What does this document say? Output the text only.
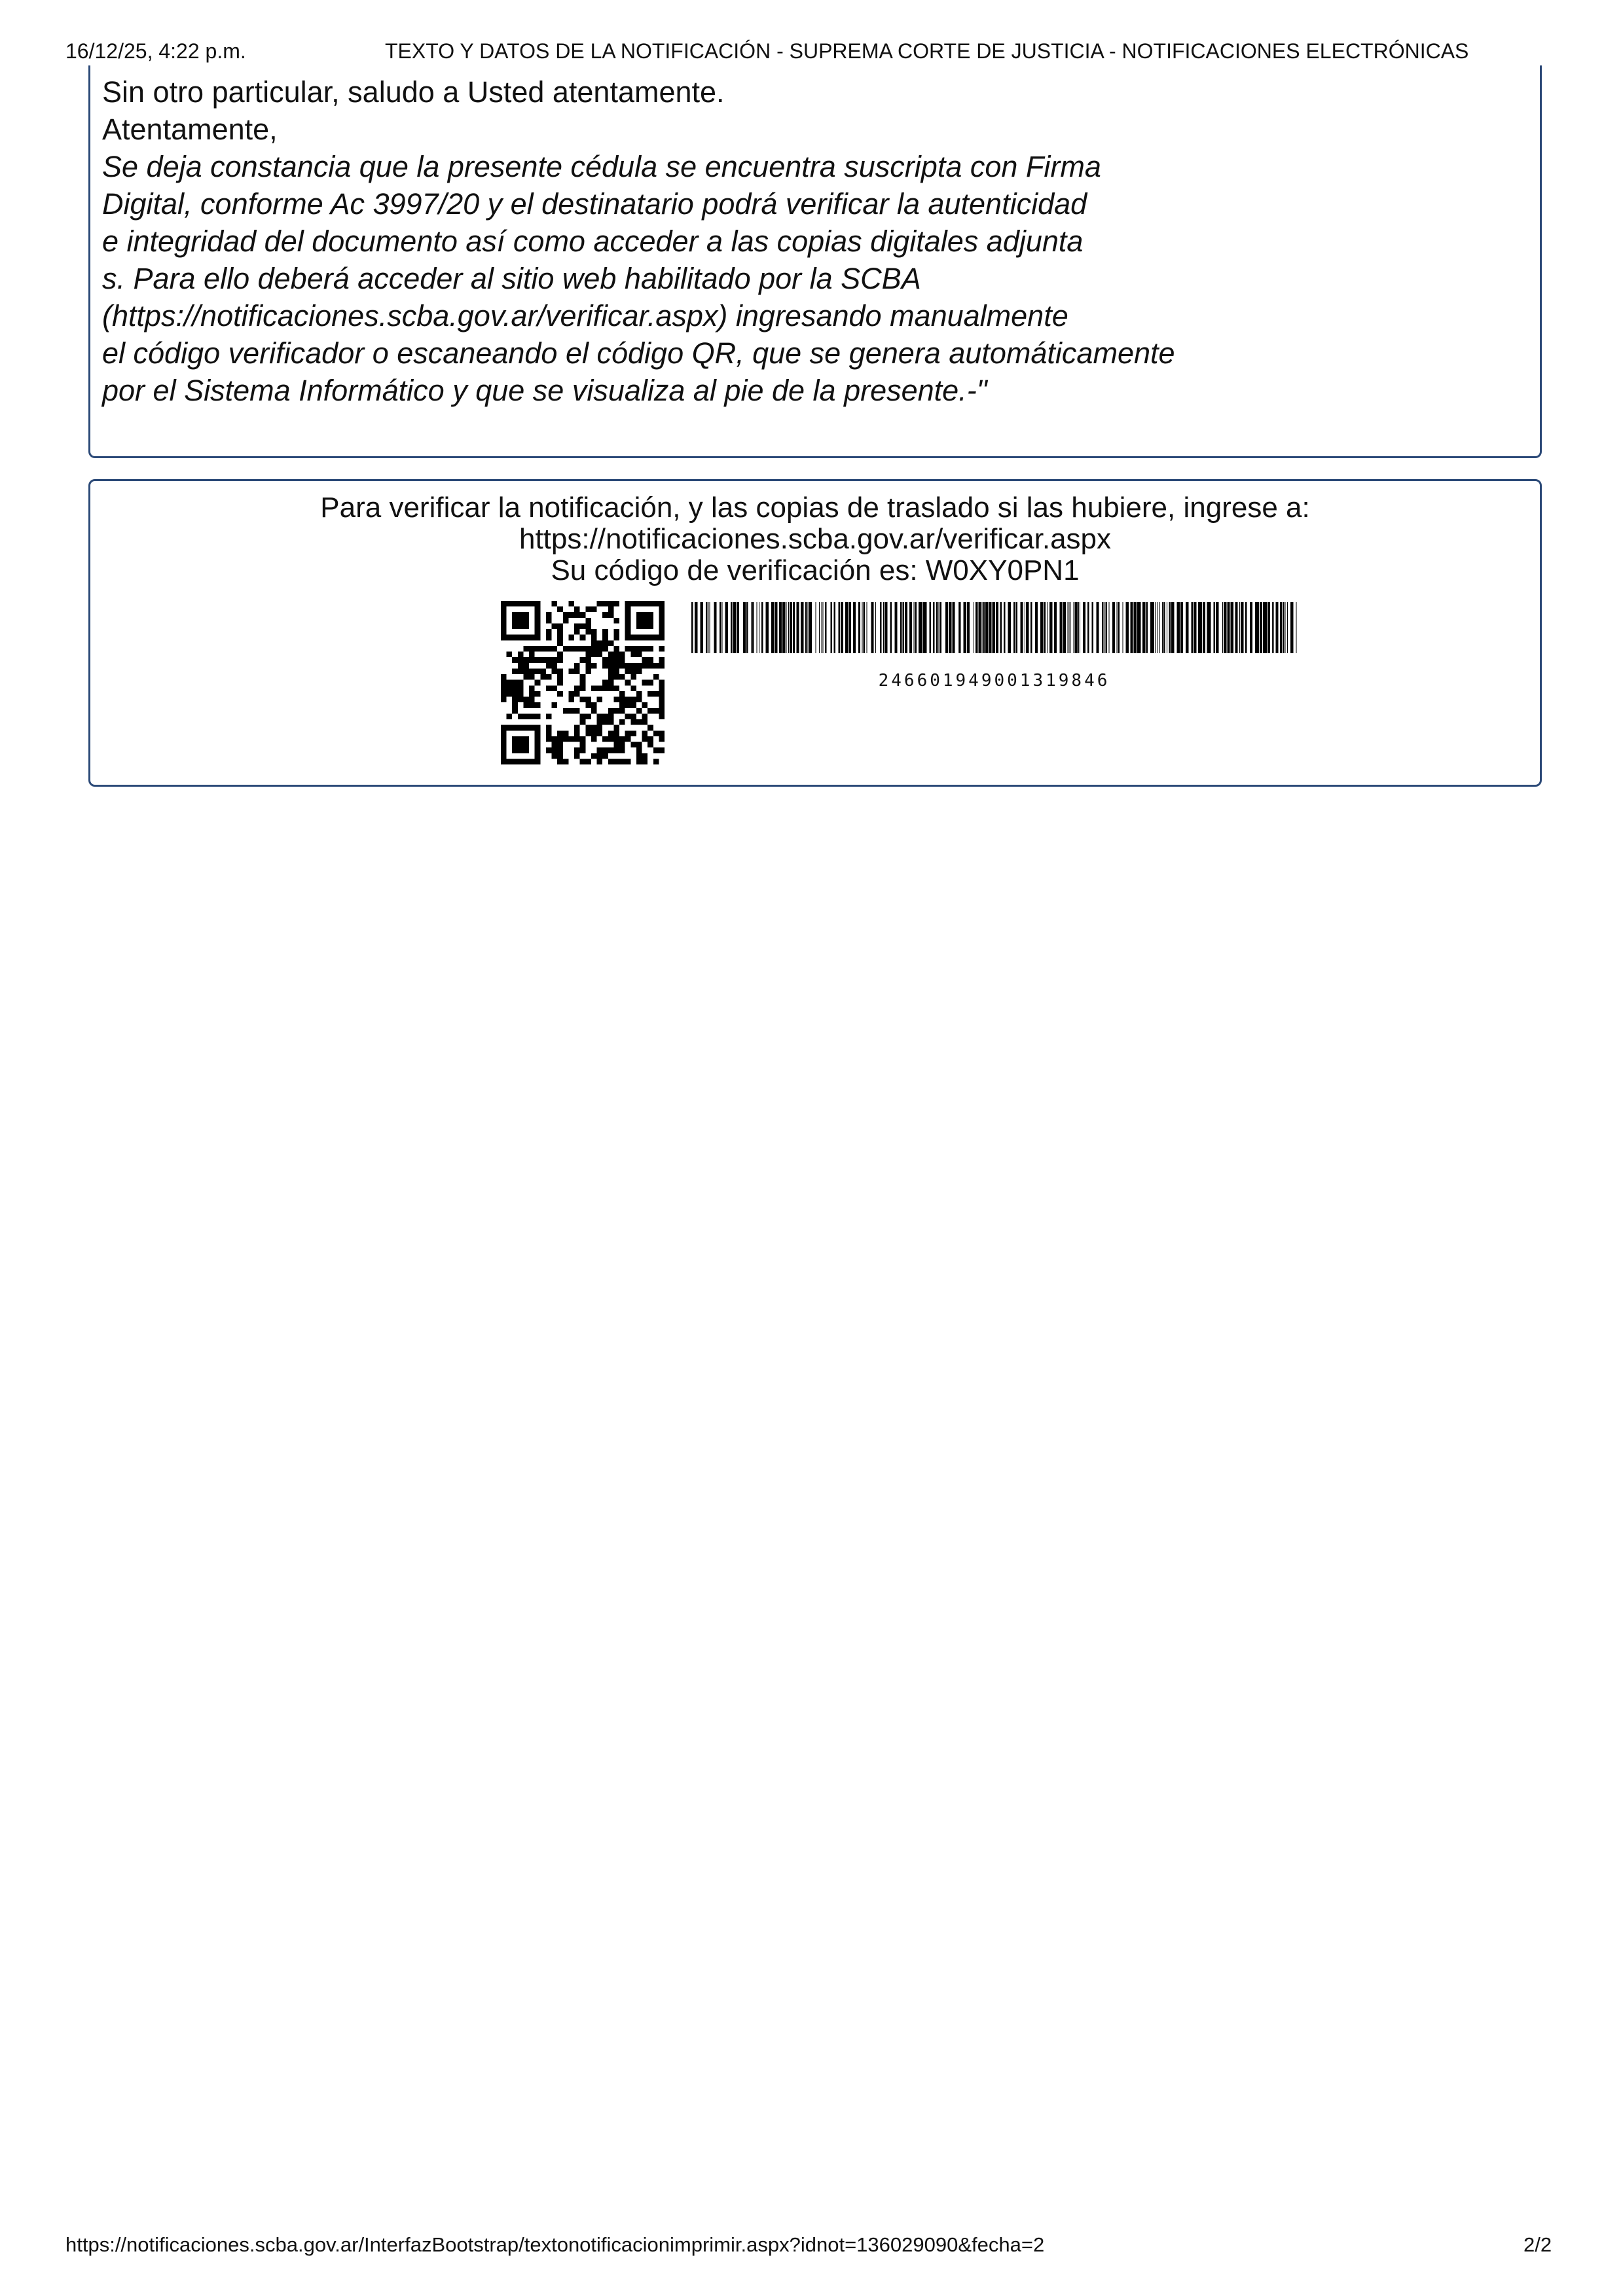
16/12/25, 4:22 p.m.	TEXTO Y DATOS DE LA NOTIFICACIÓN - SUPREMA CORTE DE JUSTICIA - NOTIFICACIONES ELECTRÓNICAS
Sin otro particular, saludo a Usted atentamente.
Atentamente,
Se deja constancia que la presente cédula se encuentra suscripta con Firma
Digital, conforme Ac 3997/20 y el destinatario podrá verificar la autenticidad
e integridad del documento así como acceder a las copias digitales adjunta
s. Para ello deberá acceder al sitio web habilitado por la SCBA
(https://notificaciones.scba.gov.ar/verificar.aspx) ingresando manualmente
el código verificador o escaneando el código QR, que se genera automáticamente
por el Sistema Informático y que se visualiza al pie de la presente.-"
Para verificar la notificación, y las copias de traslado si las hubiere, ingrese a:
https://notificaciones.scba.gov.ar/verificar.aspx
Su código de verificación es: W0XY0PN1
246601949001319846
https://notificaciones.scba.gov.ar/InterfazBootstrap/textonotificacionimprimir.aspx?idnot=136029090&fecha=2	2/2
